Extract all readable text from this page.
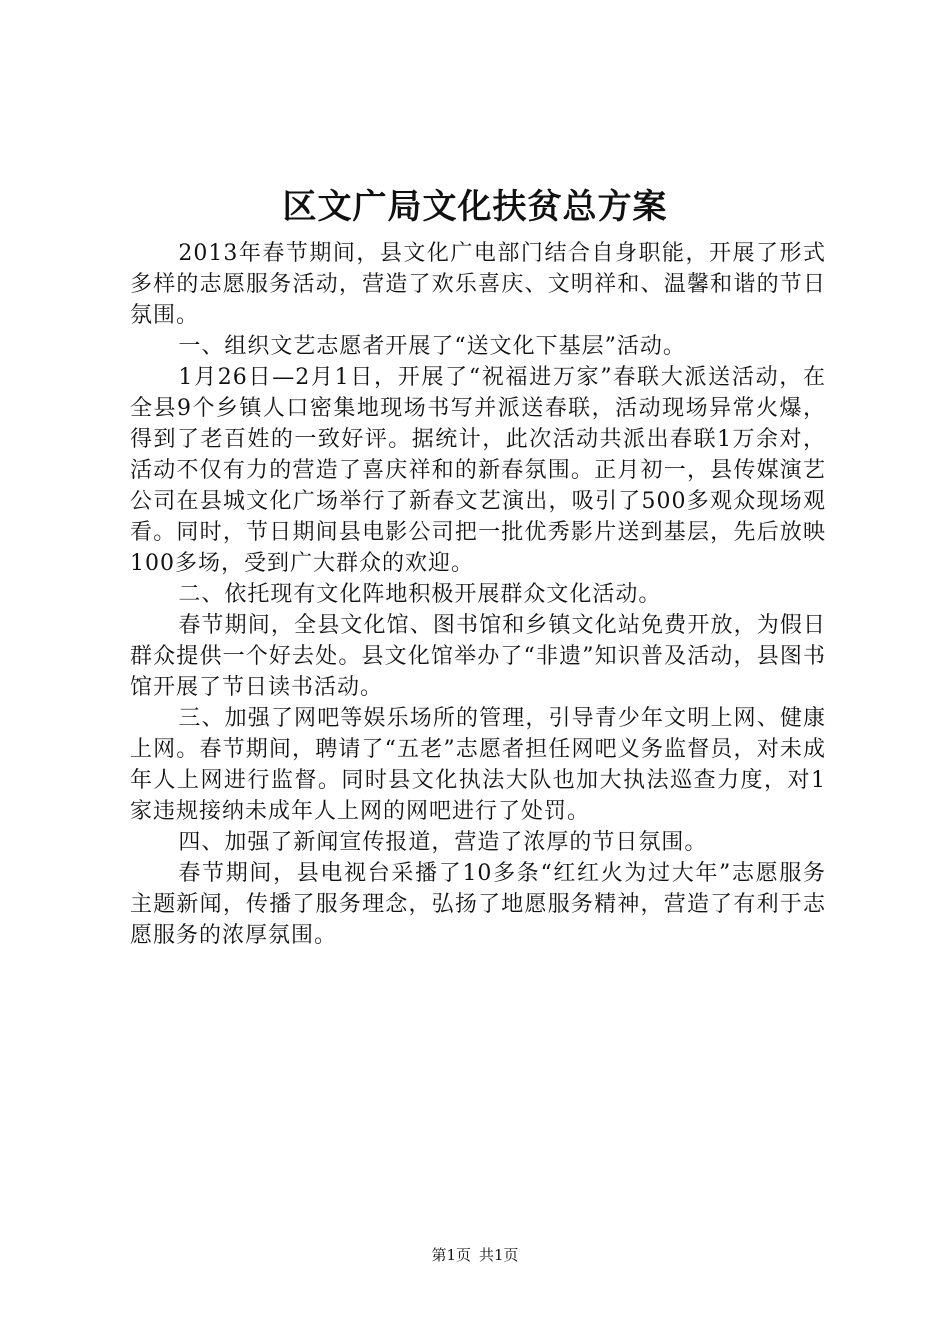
区文广局文化扶贫总方案

2013年春节期间，县文化广电部门结合自身职能，开展了形式多样的志愿服务活动，营造了欢乐喜庆、文明祥和、温馨和谐的节日氛围。

一、组织文艺志愿者开展了“送文化下基层”活动。

1月26日—2月1日，开展了“祝福进万家”春联大派送活动，在全县9个乡镇人口密集地现场书写并派送春联，活动现场异常火爆，得到了老百姓的一致好评。据统计，此次活动共派出春联1万余对，活动不仅有力的营造了喜庆祥和的新春氛围。正月初一，县传媒演艺公司在县城文化广场举行了新春文艺演出，吸引了500多观众现场观看。同时，节日期间县电影公司把一批优秀影片送到基层，先后放映100多场，受到广大群众的欢迎。

二、依托现有文化阵地积极开展群众文化活动。

春节期间，全县文化馆、图书馆和乡镇文化站免费开放，为假日群众提供一个好去处。县文化馆举办了“非遗”知识普及活动，县图书馆开展了节日读书活动。

三、加强了网吧等娱乐场所的管理，引导青少年文明上网、健康上网。春节期间，聘请了“五老”志愿者担任网吧义务监督员，对未成年人上网进行监督。同时县文化执法大队也加大执法巡查力度，对1家违规接纳未成年人上网的网吧进行了处罚。

四、加强了新闻宣传报道，营造了浓厚的节日氛围。

春节期间，县电视台采播了10多条“红红火为过大年”志愿服务主题新闻，传播了服务理念，弘扬了地愿服务精神，营造了有利于志愿服务的浓厚氛围。

第1页 共1页
